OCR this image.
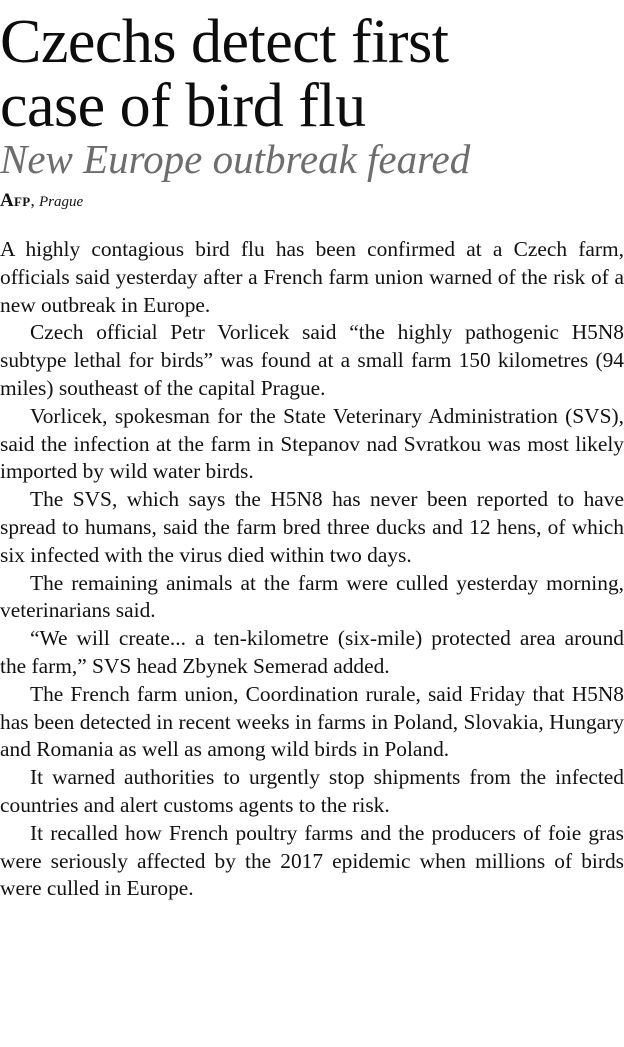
Czechs detect first
case of bird flu
New Europe outbreak feared

Afp, Prague

A highly contagious bird flu has been confirmed at a Czech farm, officials said yesterday after a French farm union warned of the risk of a new outbreak in Europe.

Czech official Petr Vorlicek said “the highly pathogenic H5N8 subtype lethal for birds” was found at a small farm 150 kilometres (94 miles) southeast of the capital Prague.

Vorlicek, spokesman for the State Veterinary Administration (SVS), said the infection at the farm in Stepanov nad Svratkou was most likely imported by wild water birds.

The SVS, which says the H5N8 has never been reported to have spread to humans, said the farm bred three ducks and 12 hens, of which six infected with the virus died within two days.

The remaining animals at the farm were culled yesterday morning, veterinarians said.

“We will create... a ten-kilometre (six-mile) protected area around the farm,” SVS head Zbynek Semerad added.

The French farm union, Coordination rurale, said Friday that H5N8 has been detected in recent weeks in farms in Poland, Slovakia, Hungary and Romania as well as among wild birds in Poland.

It warned authorities to urgently stop shipments from the infected countries and alert customs agents to the risk.

It recalled how French poultry farms and the producers of foie gras were seriously affected by the 2017 epidemic when millions of birds were culled in Europe.
